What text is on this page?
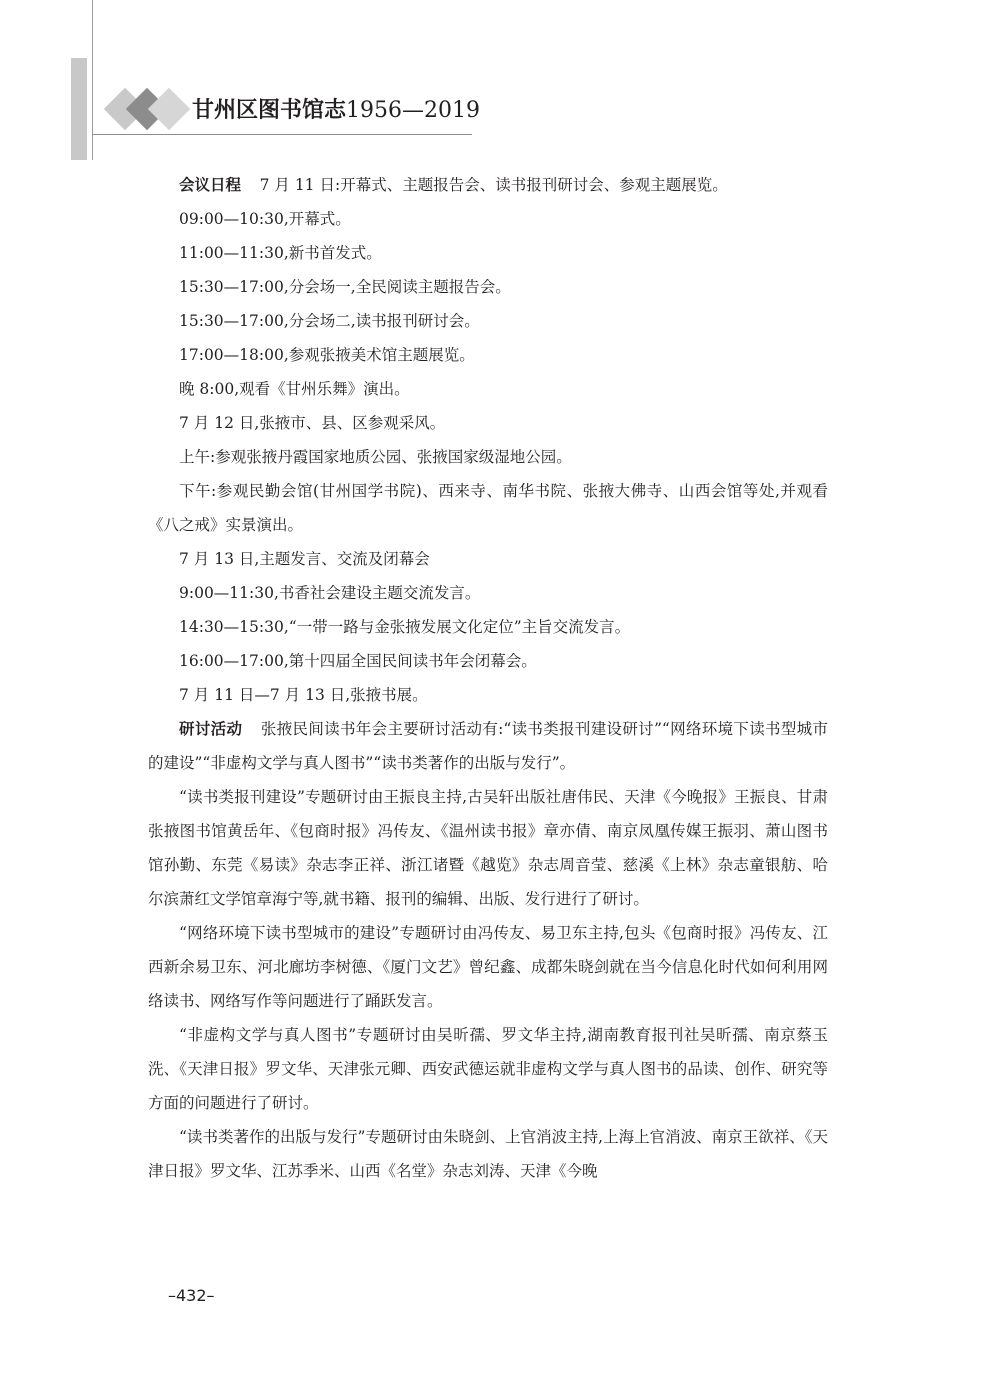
甘州区图书馆志1956—2019

会议日程 7 月 11 日:开幕式、主题报告会、读书报刊研讨会、参观主题展览。

09:00—10:30,开幕式。

11:00—11:30,新书首发式。

15:30—17:00,分会场一,全民阅读主题报告会。

15:30—17:00,分会场二,读书报刊研讨会。

17:00—18:00,参观张掖美术馆主题展览。

晚 8:00,观看《甘州乐舞》演出。

7 月 12 日,张掖市、县、区参观采风。

上午:参观张掖丹霞国家地质公园、张掖国家级湿地公园。

下午:参观民勤会馆(甘州国学书院)、西来寺、南华书院、张掖大佛寺、山西会馆等处,并观看《八之戒》实景演出。

7 月 13 日,主题发言、交流及闭幕会

9:00—11:30,书香社会建设主题交流发言。

14:30—15:30,“一带一路与金张掖发展文化定位”主旨交流发言。

16:00—17:00,第十四届全国民间读书年会闭幕会。

7 月 11 日—7 月 13 日,张掖书展。

研讨活动 张掖民间读书年会主要研讨活动有:“读书类报刊建设研讨”“网络环境下读书型城市的建设”“非虚构文学与真人图书”“读书类著作的出版与发行”。

“读书类报刊建设”专题研讨由王振良主持,古吴轩出版社唐伟民、天津《今晚报》王振良、甘肃张掖图书馆黄岳年、《包商时报》冯传友、《温州读书报》章亦倩、南京凤凰传媒王振羽、萧山图书馆孙勤、东莞《易读》杂志李正祥、浙江诸暨《越览》杂志周音莹、慈溪《上林》杂志童银舫、哈尔滨萧红文学馆章海宁等,就书籍、报刊的编辑、出版、发行进行了研讨。

“网络环境下读书型城市的建设”专题研讨由冯传友、易卫东主持,包头《包商时报》冯传友、江西新余易卫东、河北廊坊李树德、《厦门文艺》曾纪鑫、成都朱晓剑就在当今信息化时代如何利用网络读书、网络写作等问题进行了踊跃发言。

“非虚构文学与真人图书”专题研讨由吴昕孺、罗文华主持,湖南教育报刊社吴昕孺、南京蔡玉洗、《天津日报》罗文华、天津张元卿、西安武德运就非虚构文学与真人图书的品读、创作、研究等方面的问题进行了研讨。

“读书类著作的出版与发行”专题研讨由朱晓剑、上官消波主持,上海上官消波、南京王欲祥、《天津日报》罗文华、江苏季米、山西《名堂》杂志刘涛、天津《今晚

–432–
